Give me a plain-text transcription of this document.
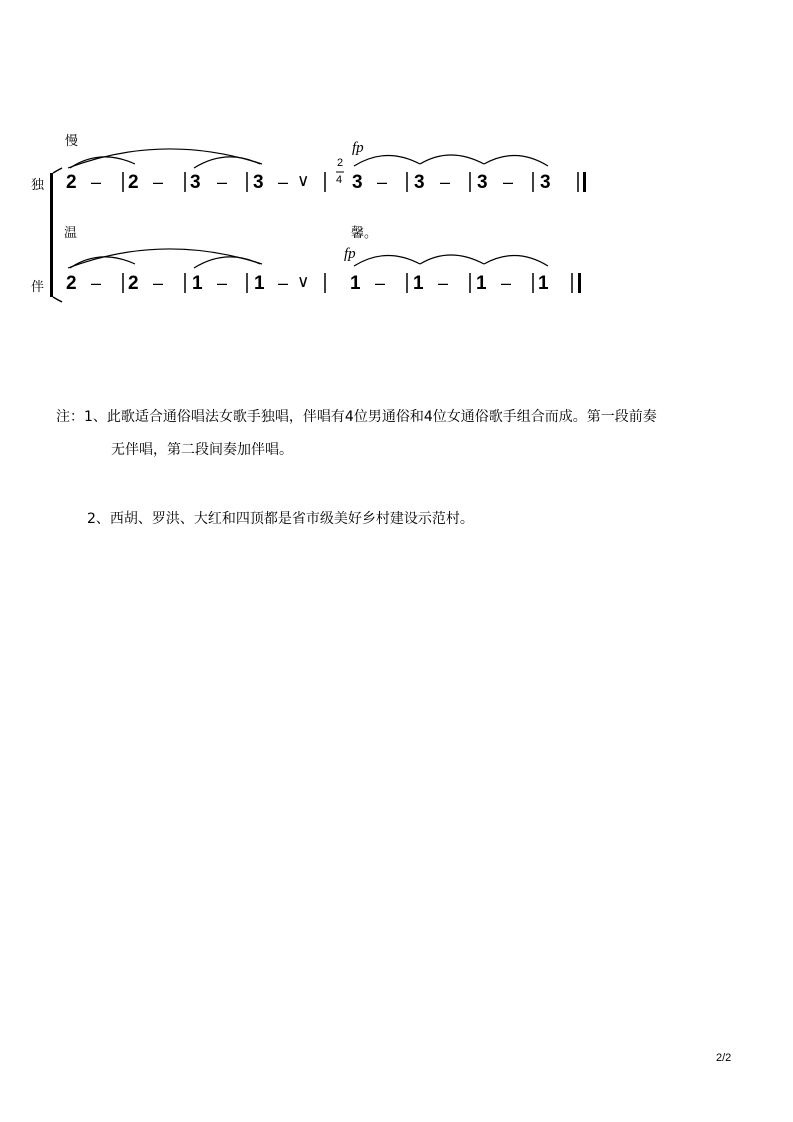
慢
独
伴
温	馨。
fp
fp
2
4
2 – 2 – 3 – 3 – ∨ 3 – 3 – 3 – 3
2 – 2 – 1 – 1 – ∨ 1 – 1 – 1 – 1
注：1、此歌适合通俗唱法女歌手独唱，伴唱有4位男通俗和4位女通俗歌手组合而成。第一段前奏
无伴唱，第二段间奏加伴唱。
2、西胡、罗洪、大红和四顶都是省市级美好乡村建设示范村。
2/2
